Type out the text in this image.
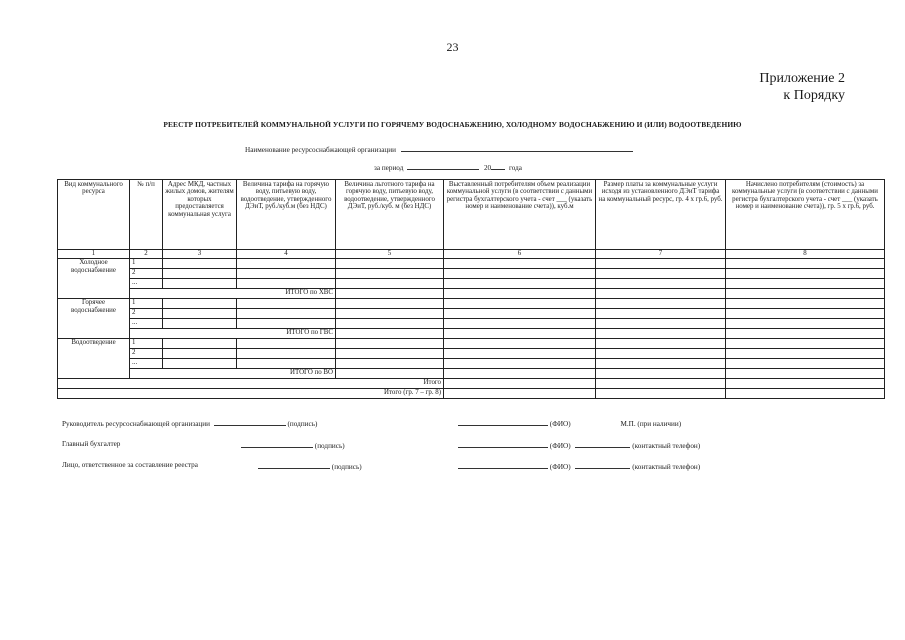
23
Приложение 2
к Порядку
РЕЕСТР ПОТРЕБИТЕЛЕЙ КОММУНАЛЬНОЙ УСЛУГИ ПО ГОРЯЧЕМУ ВОДОСНАБЖЕНИЮ, ХОЛОДНОМУ ВОДОСНАБЖЕНИЮ И (ИЛИ) ВОДООТВЕДЕНИЮ
Наименование ресурсоснабжающей организации
за период	20 года
Вид коммунального ресурса	№ п/п	Адрес МКД, частных жилых домов, жителям которых предоставляется коммунальная услуга	Величина тарифа на горячую воду, питьевую воду, водоотведение, утвержденного ДЭиТ, руб./куб.м (без НДС)	Величина льготного тарифа на горячую воду, питьевую воду, водоотведение, утвержденного ДЭиТ, руб./куб. м (без НДС)	Выставленный потребителям объем реализации коммунальной услуги (в соответствии с данными регистра бухгалтерского учета - счет ___ (указать номер и наименование счета)), куб.м	Размер платы за коммунальные услуги исходя из установленного ДЭиТ тарифа на коммунальный ресурс, гр. 4 x гр.6, руб.	Начислено потребителям (стоимость) за коммунальные услуги (в соответствии с данными регистра бухгалтерского учета - счет ___ (указать номер и наименование счета)), гр. 5 x гр.6, руб.
1	2	3	4	5	6	7	8
Холодное водоснабжение	1						
	2						
	...						
	ИТОГО по ХВС						
Горячее водоснабжение	1						
	2						
	...						
	ИТОГО по ГВС						
Водоотведение	1						
	2						
	...						
	ИТОГО по ВО						
Итого							
Итого (гр. 7 – гр. 8)							
Руководитель ресурсоснабжающей организации	(подпись)	(ФИО)	М.П. (при наличии)
Главный бухгалтер	(подпись)	(ФИО)	(контактный телефон)
Лицо, ответственное за составление реестра	(подпись)	(ФИО)	(контактный телефон)
